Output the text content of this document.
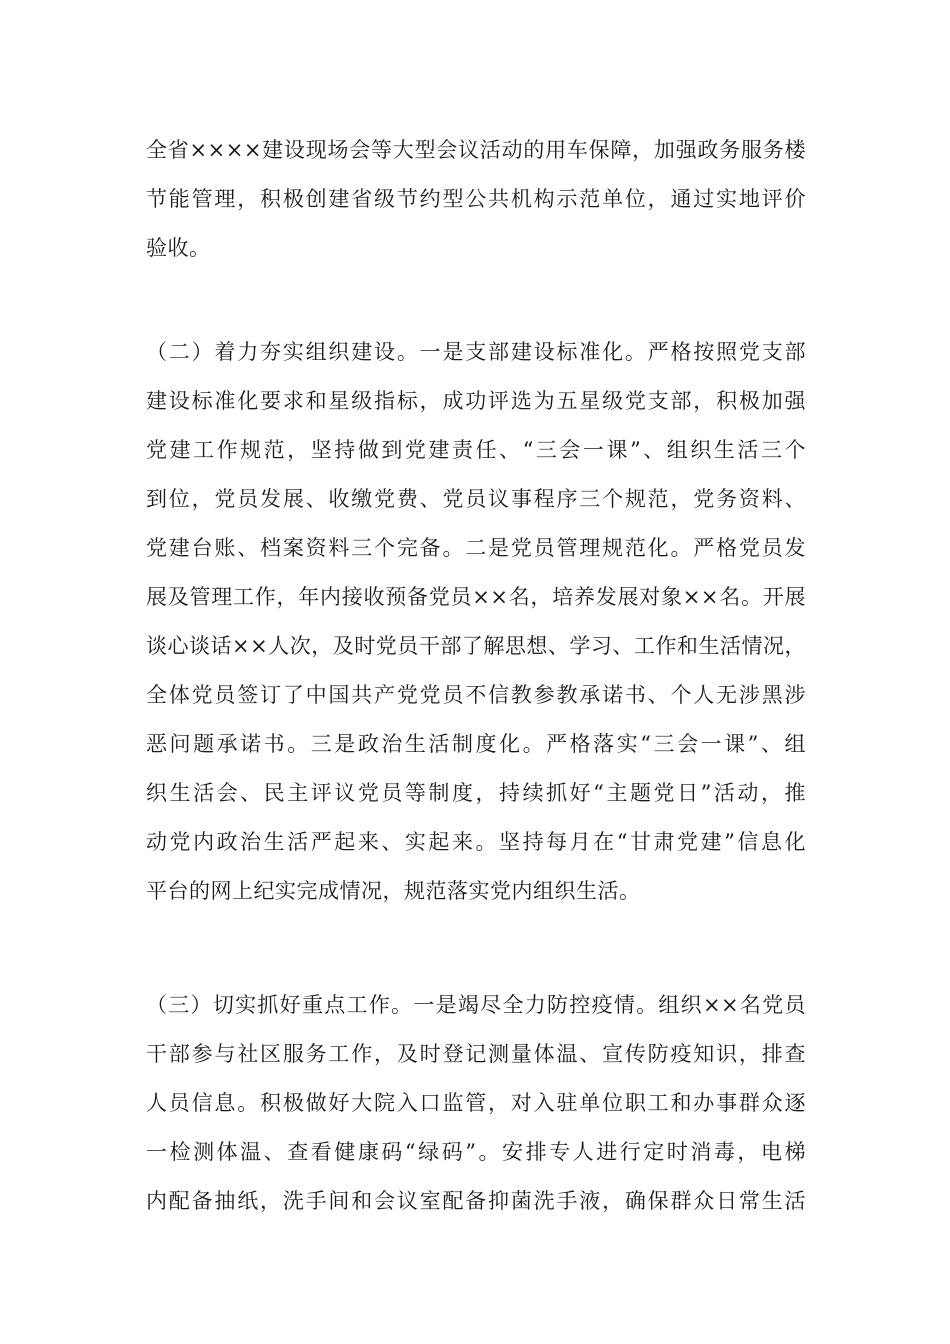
全省××××建设现场会等大型会议活动的用车保障，加强政务服务楼
节能管理，积极创建省级节约型公共机构示范单位，通过实地评价
验收。
（二）着力夯实组织建设。一是支部建设标准化。严格按照党支部
建设标准化要求和星级指标，成功评选为五星级党支部，积极加强
党建工作规范，坚持做到党建责任、“三会一课”、组织生活三个
到位，党员发展、收缴党费、党员议事程序三个规范，党务资料、
党建台账、档案资料三个完备。二是党员管理规范化。严格党员发
展及管理工作，年内接收预备党员××名，培养发展对象××名。开展
谈心谈话××人次，及时党员干部了解思想、学习、工作和生活情况，
全体党员签订了中国共产党党员不信教参教承诺书、个人无涉黑涉
恶问题承诺书。三是政治生活制度化。严格落实“三会一课”、组
织生活会、民主评议党员等制度，持续抓好“主题党日”活动，推
动党内政治生活严起来、实起来。坚持每月在“甘肃党建”信息化
平台的网上纪实完成情况，规范落实党内组织生活。
（三）切实抓好重点工作。一是竭尽全力防控疫情。组织××名党员
干部参与社区服务工作，及时登记测量体温、宣传防疫知识，排查
人员信息。积极做好大院入口监管，对入驻单位职工和办事群众逐
一检测体温、查看健康码“绿码”。安排专人进行定时消毒，电梯
内配备抽纸，洗手间和会议室配备抑菌洗手液，确保群众日常生活
